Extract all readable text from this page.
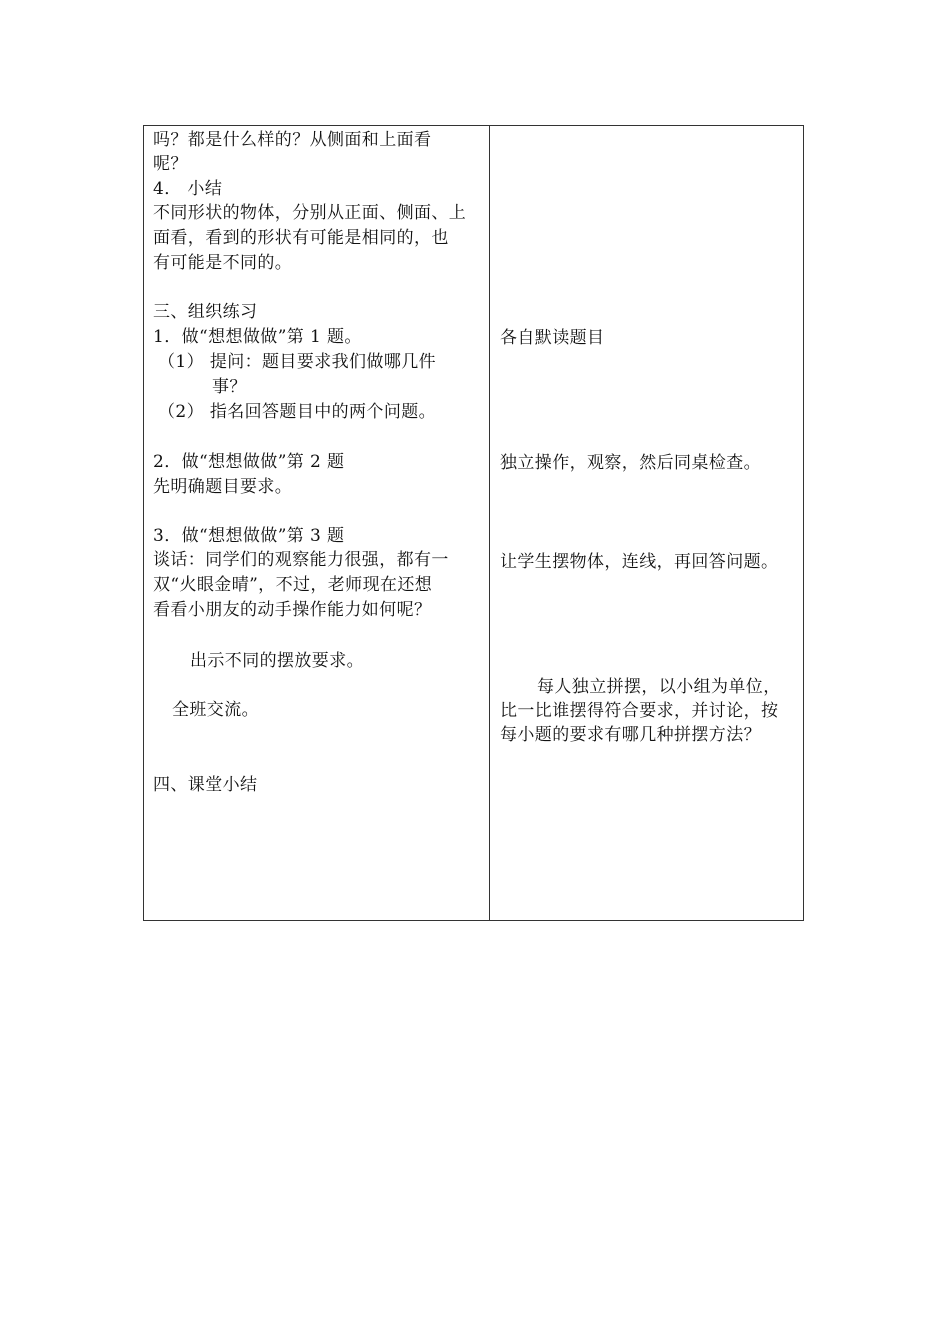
吗？都是什么样的？从侧面和上面看
呢？
4． 小结
不同形状的物体，分别从正面、侧面、上
面看，看到的形状有可能是相同的，也
有可能是不同的。
三、组织练习
1．做“想想做做”第 1 题。
（1） 提问：题目要求我们做哪几件
事？
（2） 指名回答题目中的两个问题。
2．做“想想做做”第 2 题
先明确题目要求。
3．做“想想做做”第 3 题
谈话：同学们的观察能力很强，都有一
双“火眼金晴”，不过，老师现在还想
看看小朋友的动手操作能力如何呢？
出示不同的摆放要求。
全班交流。
四、课堂小结
各自默读题目
独立操作，观察，然后同桌检查。
让学生摆物体，连线，再回答问题。
每人独立拼摆，以小组为单位，
比一比谁摆得符合要求，并讨论，按
每小题的要求有哪几种拼摆方法？
